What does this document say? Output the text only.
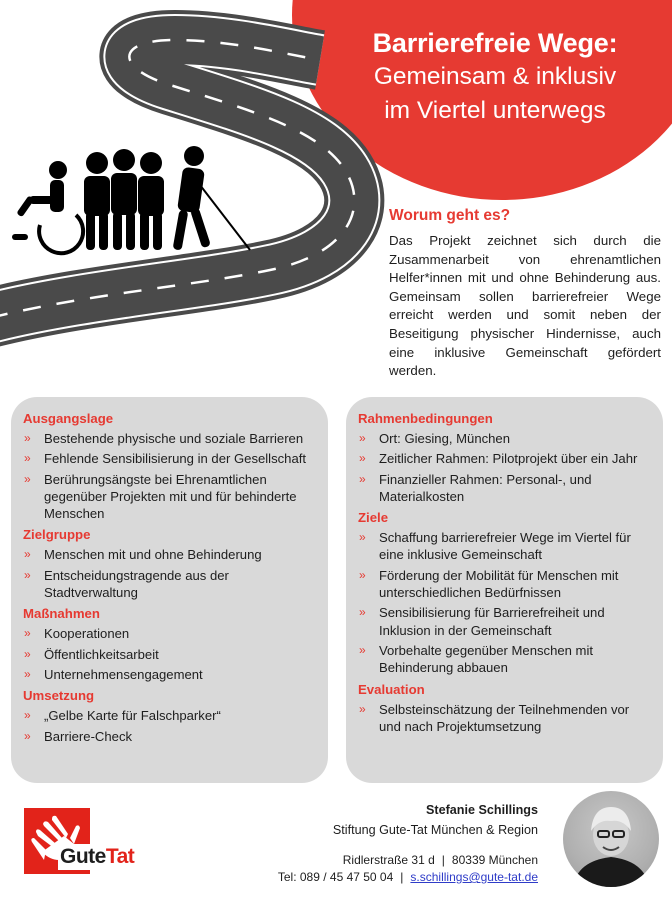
Barrierefreie Wege:
Gemeinsam & inklusiv
im Viertel unterwegs
Worum geht es?

Das Projekt zeichnet sich durch die Zusammenarbeit von ehrenamtlichen Helfer*innen mit und ohne Behinderung aus. Gemeinsam sollen barrierefreier Wege erreicht werden und somit neben der Beseitigung physischer Hindernisse, auch eine inklusive Gemeinschaft gefördert werden.

Ausgangslage
» Bestehende physische und soziale Barrieren
» Fehlende Sensibilisierung in der Gesellschaft
» Berührungsängste bei Ehrenamtlichen gegenüber Projekten mit und für behinderte Menschen
Zielgruppe
» Menschen mit und ohne Behinderung
» Entscheidungstragende aus der Stadtverwaltung
Maßnahmen
» Kooperationen
» Öffentlichkeitsarbeit
» Unternehmensengagement
Umsetzung
» „Gelbe Karte für Falschparker“
» Barriere-Check
Rahmenbedingungen
» Ort: Giesing, München
» Zeitlicher Rahmen: Pilotprojekt über ein Jahr
» Finanzieller Rahmen: Personal-, und Materialkosten
Ziele
» Schaffung barrierefreier Wege im Viertel für eine inklusive Gemeinschaft
» Förderung der Mobilität für Menschen mit unterschiedlichen Bedürfnissen
» Sensibilisierung für Barrierefreiheit und Inklusion in der Gemeinschaft
» Vorbehalte gegenüber Menschen mit Behinderung abbauen
Evaluation
» Selbsteinschätzung der Teilnehmenden vor und nach Projektumsetzung
GuteTat
Stefanie Schillings
Stiftung Gute-Tat München & Region
Ridlerstraße 31 d | 80339 München
Tel: 089 / 45 47 50 04 | s.schillings@gute-tat.de
